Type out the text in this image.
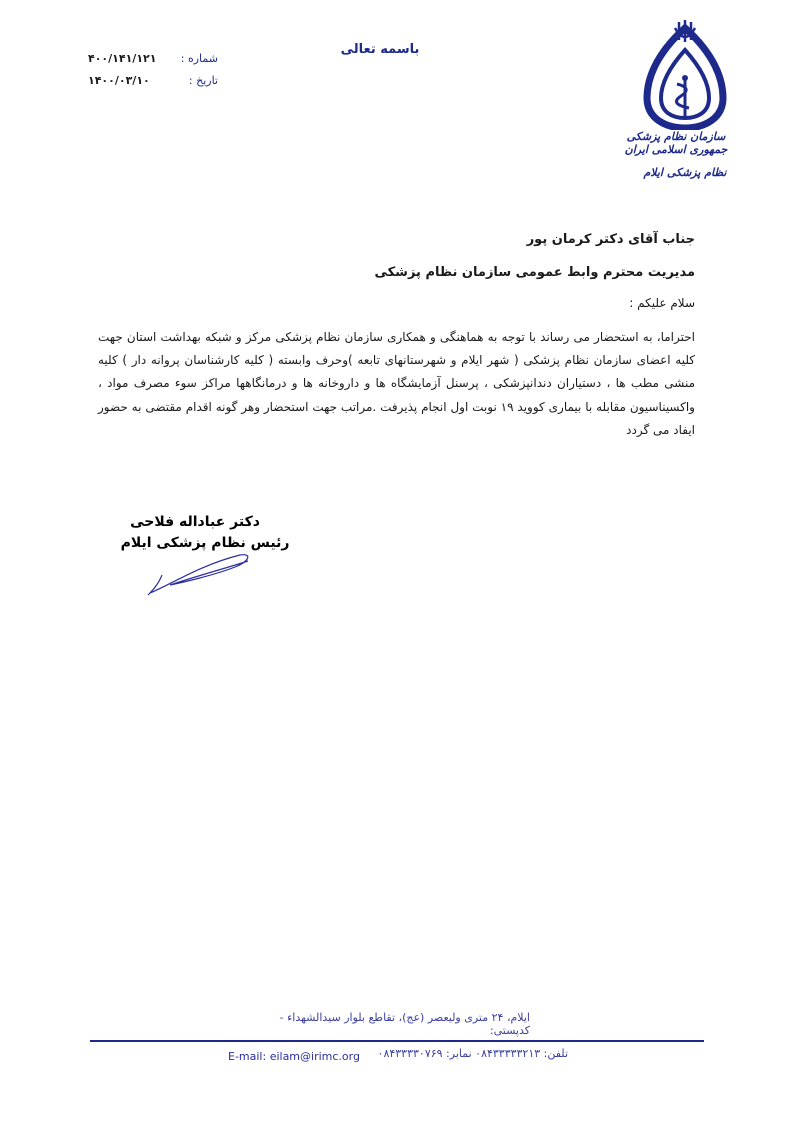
باسمه تعالی
شماره :
۴۰۰/۱۴۱/۱۲۱
تاریخ :
۱۴۰۰/۰۳/۱۰
سازمان نظام پزشکی جمهوری اسلامی ایران
نظام پزشکی ایلام
جناب آقای دکتر کرمان پور
مدیریت محترم وابط عمومی سازمان نظام پزشکی
سلام علیکم :
احتراما، به استحضار می رساند با توجه به هماهنگی و همکاری سازمان نظام پزشکی مرکز و شبکه بهداشت استان جهت کلیه اعضای سازمان نظام پزشکی ( شهر ایلام و شهرستانهای تابعه )وحرف وابسته ( کلیه کارشناسان پروانه دار ) کلیه منشی مطب ها ، دستیاران دندانپزشکی ، پرسنل آزمایشگاه ها و داروخانه ها و درمانگاهها مراکز سوء مصرف مواد ، واکسیناسیون مقابله با بیماری کووید ۱۹ نوبت اول انجام پذیرفت .مراتب جهت استحضار وهر گونه اقدام مقتضی به حضور ایفاد می گردد
دکتر عباداله فلاحی
رئیس نظام پزشکی ایلام
ایلام، ۲۴ متری ولیعصر (عج)، تقاطع بلوار سیدالشهداء - کدپستی:
E-mail: eilam@irimc.org	تلفن: ۰۸۴۳۳۳۳۳۲۱۳ نمابر: ۰۸۴۳۳۳۳۰۷۶۹
